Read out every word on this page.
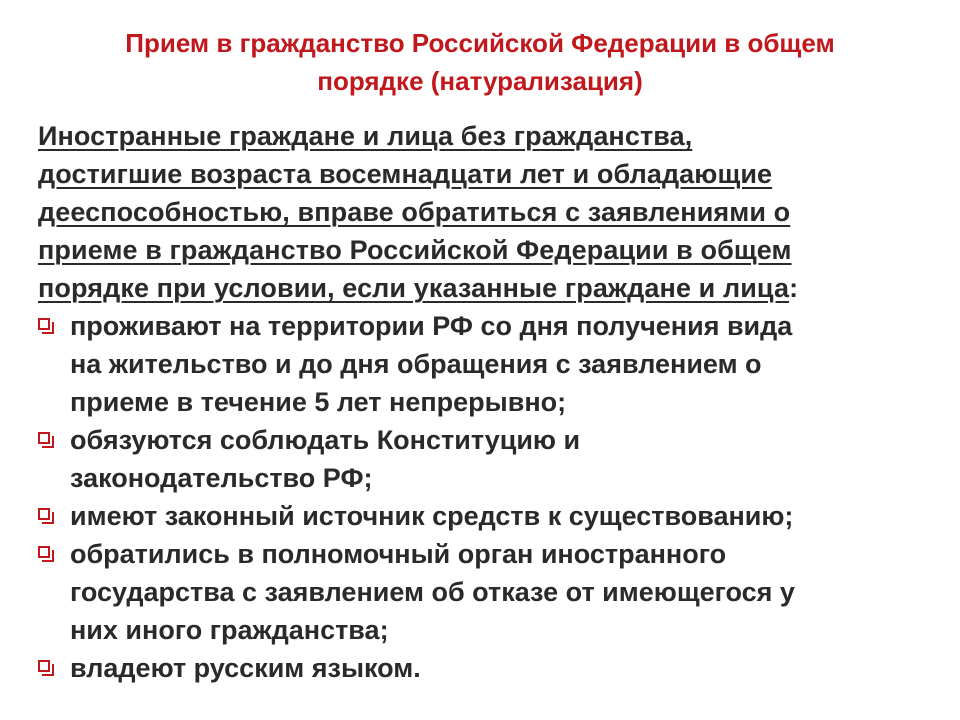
Прием в гражданство Российской Федерации в общем
порядке (натурализация)
Иностранные граждане и лица без гражданства,
достигшие возраста восемнадцати лет и обладающие
дееспособностью, вправе обратиться с заявлениями о
приеме в гражданство Российской Федерации в общем
порядке при условии, если указанные граждане и лица:
проживают на территории РФ со дня получения вида
на жительство и до дня обращения с заявлением о
приеме в течение 5 лет непрерывно;
обязуются соблюдать Конституцию и
законодательство РФ;
имеют законный источник средств к существованию;
обратились в полномочный орган иностранного
государства с заявлением об отказе от имеющегося у
них иного гражданства;
владеют русским языком.
